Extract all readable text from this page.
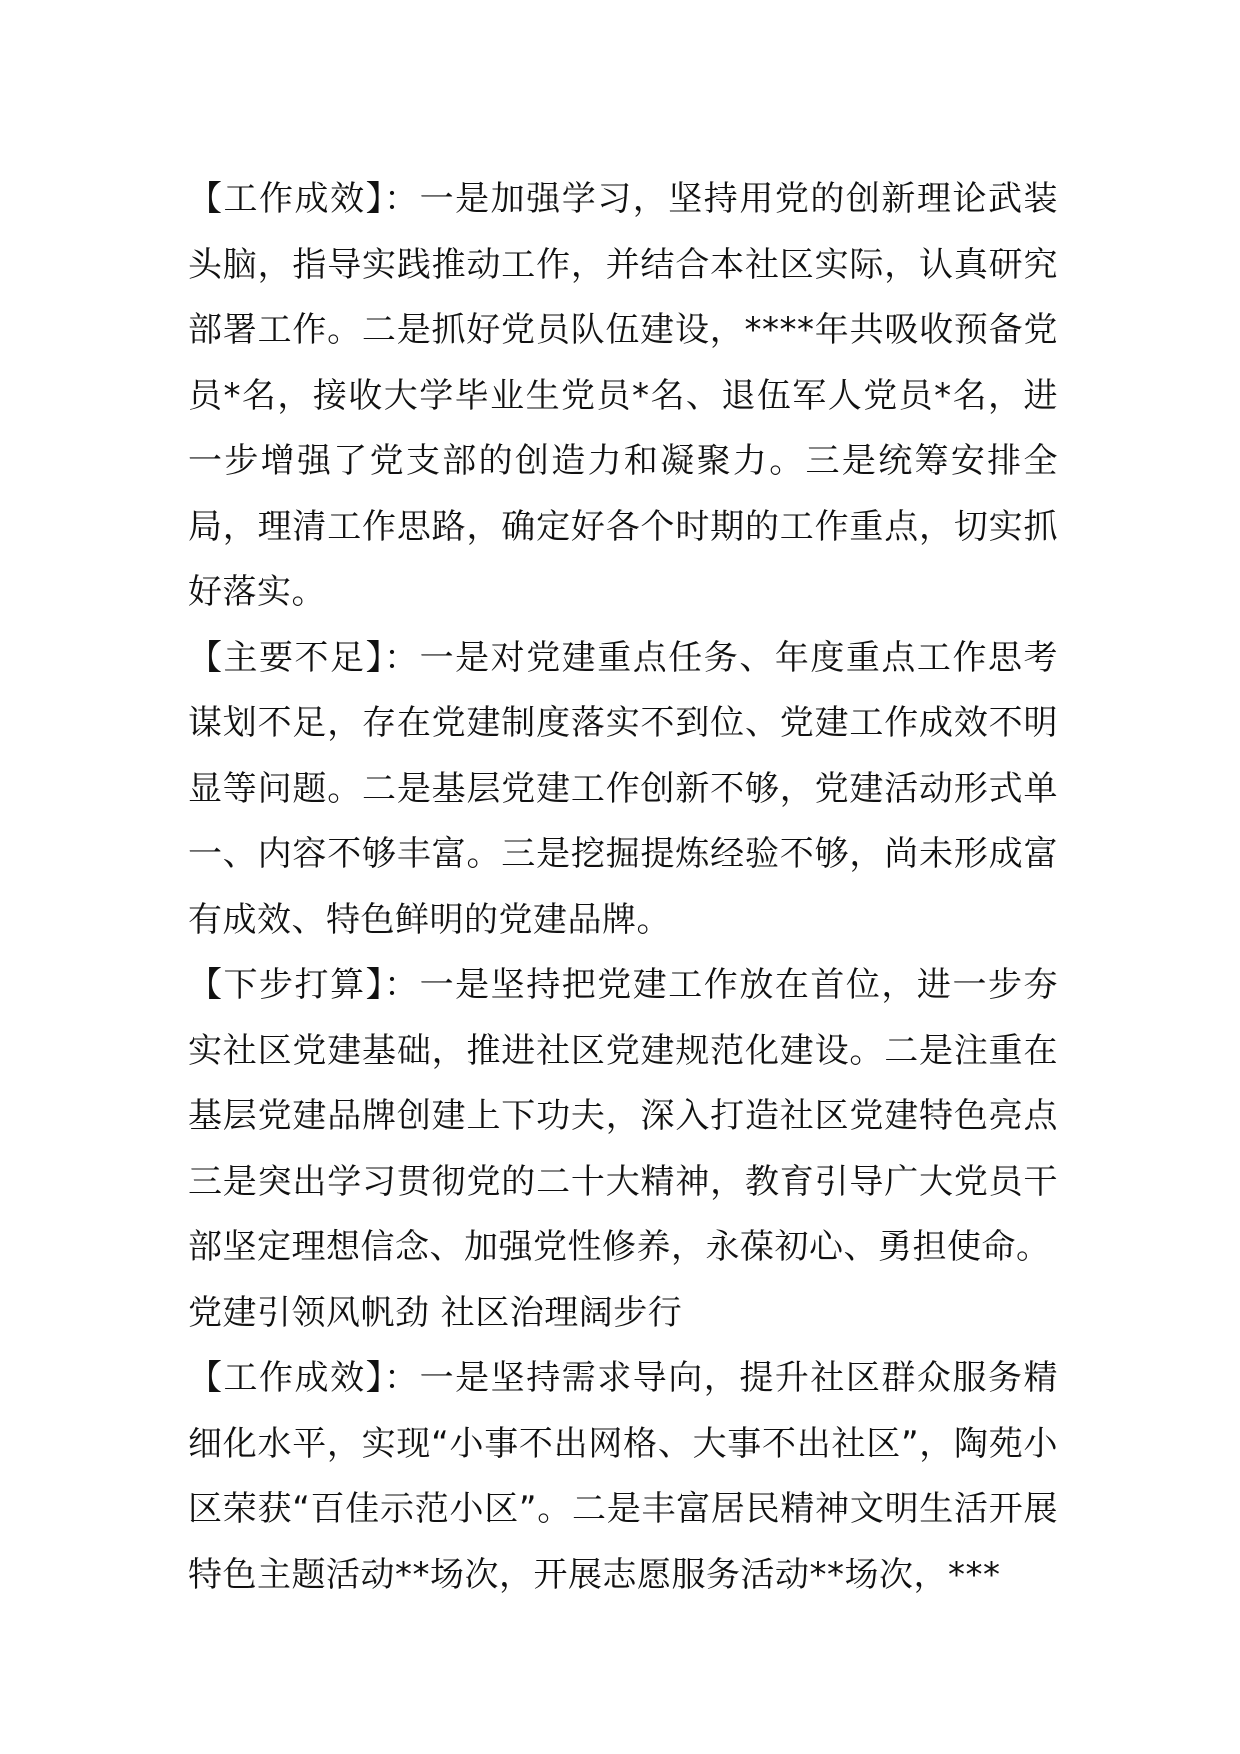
【工作成效】：一是加强学习，坚持用党的创新理论武装头脑，指导实践推动工作，并结合本社区实际，认真研究部署工作。二是抓好党员队伍建设，****年共吸收预备党员*名，接收大学毕业生党员*名、退伍军人党员*名，进一步增强了党支部的创造力和凝聚力。三是统筹安排全局，理清工作思路，确定好各个时期的工作重点，切实抓好落实。

【主要不足】：一是对党建重点任务、年度重点工作思考谋划不足，存在党建制度落实不到位、党建工作成效不明显等问题。二是基层党建工作创新不够，党建活动形式单一、内容不够丰富。三是挖掘提炼经验不够，尚未形成富有成效、特色鲜明的党建品牌。

【下步打算】：一是坚持把党建工作放在首位，进一步夯实社区党建基础，推进社区党建规范化建设。二是注重在基层党建品牌创建上下功夫，深入打造社区党建特色亮点三是突出学习贯彻党的二十大精神，教育引导广大党员干部坚定理想信念、加强党性修养，永葆初心、勇担使命。

党建引领风帆劲 社区治理阔步行

【工作成效】：一是坚持需求导向，提升社区群众服务精细化水平，实现“小事不出网格、大事不出社区”，陶苑小区荣获“百佳示范小区”。二是丰富居民精神文明生活开展特色主题活动**场次，开展志愿服务活动**场次，***
